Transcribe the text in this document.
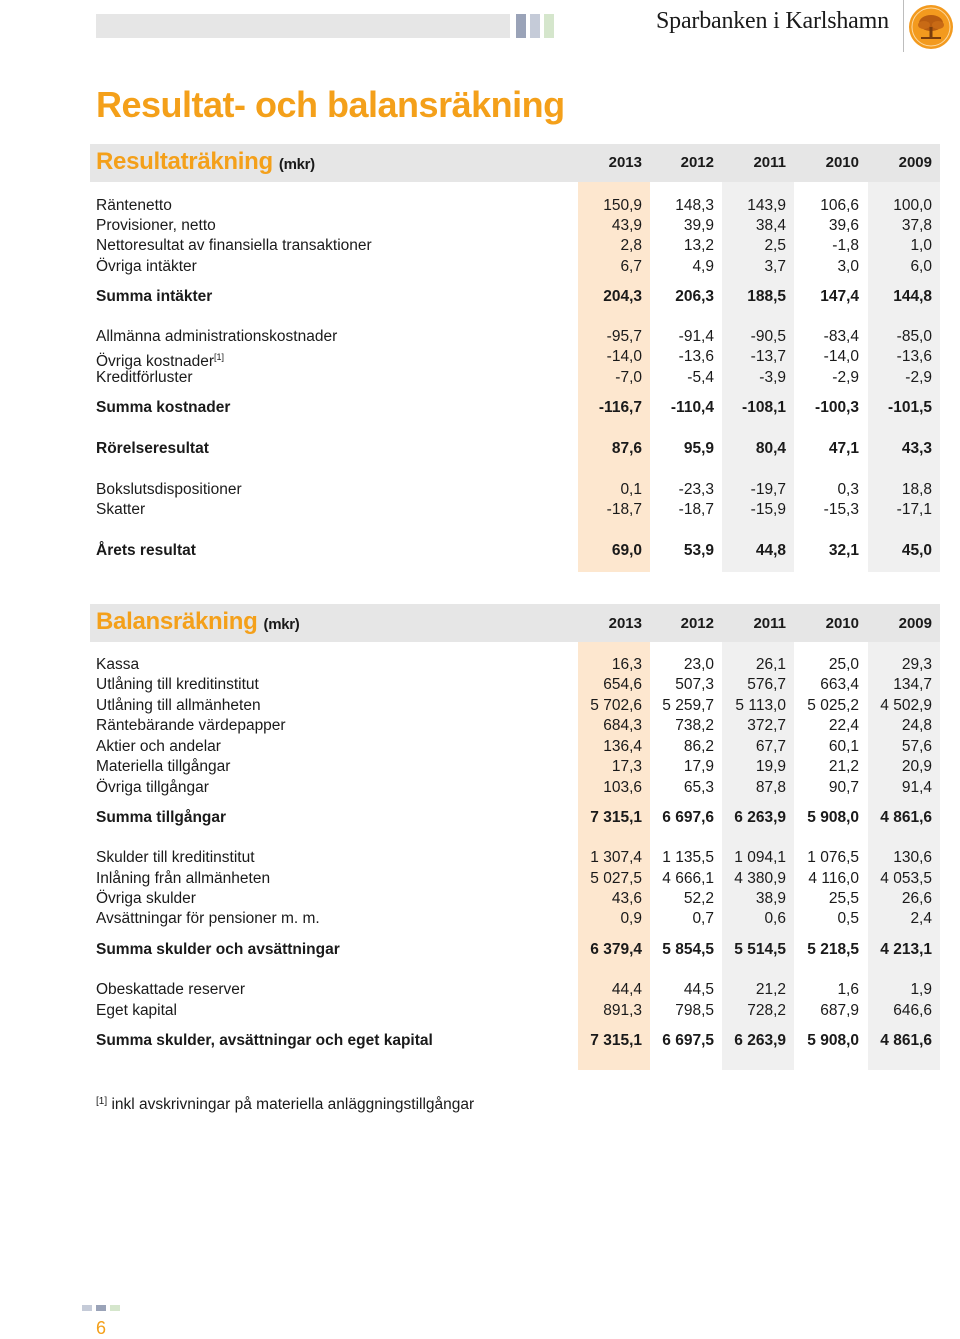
Sparbanken i Karlshamn
Resultat- och balansräkning
Resultaträkning (mkr)	2013	2012	2011	2010	2009
Räntenetto	150,9	148,3	143,9	106,6	100,0
Provisioner, netto	43,9	39,9	38,4	39,6	37,8
Nettoresultat av finansiella transaktioner	2,8	13,2	2,5	-1,8	1,0
Övriga intäkter	6,7	4,9	3,7	3,0	6,0
Summa intäkter	204,3	206,3	188,5	147,4	144,8
Allmänna administrationskostnader	-95,7	-91,4	-90,5	-83,4	-85,0
Övriga kostnader[1]	-14,0	-13,6	-13,7	-14,0	-13,6
Kreditförluster	-7,0	-5,4	-3,9	-2,9	-2,9
Summa kostnader	-116,7	-110,4	-108,1	-100,3	-101,5
Rörelseresultat	87,6	95,9	80,4	47,1	43,3
Bokslutsdispositioner	0,1	-23,3	-19,7	0,3	18,8
Skatter	-18,7	-18,7	-15,9	-15,3	-17,1
Årets resultat	69,0	53,9	44,8	32,1	45,0
Balansräkning (mkr)	2013	2012	2011	2010	2009
Kassa	16,3	23,0	26,1	25,0	29,3
Utlåning till kreditinstitut	654,6	507,3	576,7	663,4	134,7
Utlåning till allmänheten	5 702,6	5 259,7	5 113,0	5 025,2	4 502,9
Räntebärande värdepapper	684,3	738,2	372,7	22,4	24,8
Aktier och andelar	136,4	86,2	67,7	60,1	57,6
Materiella tillgångar	17,3	17,9	19,9	21,2	20,9
Övriga tillgångar	103,6	65,3	87,8	90,7	91,4
Summa tillgångar	7 315,1	6 697,6	6 263,9	5 908,0	4 861,6
Skulder till kreditinstitut	1 307,4	1 135,5	1 094,1	1 076,5	130,6
Inlåning från allmänheten	5 027,5	4 666,1	4 380,9	4 116,0	4 053,5
Övriga skulder	43,6	52,2	38,9	25,5	26,6
Avsättningar för pensioner m. m.	0,9	0,7	0,6	0,5	2,4
Summa skulder och avsättningar	6 379,4	5 854,5	5 514,5	5 218,5	4 213,1
Obeskattade reserver	44,4	44,5	21,2	1,6	1,9
Eget kapital	891,3	798,5	728,2	687,9	646,6
Summa skulder, avsättningar och eget kapital	7 315,1	6 697,5	6 263,9	5 908,0	4 861,6
[1] inkl avskrivningar på materiella anläggningstillgångar
6
